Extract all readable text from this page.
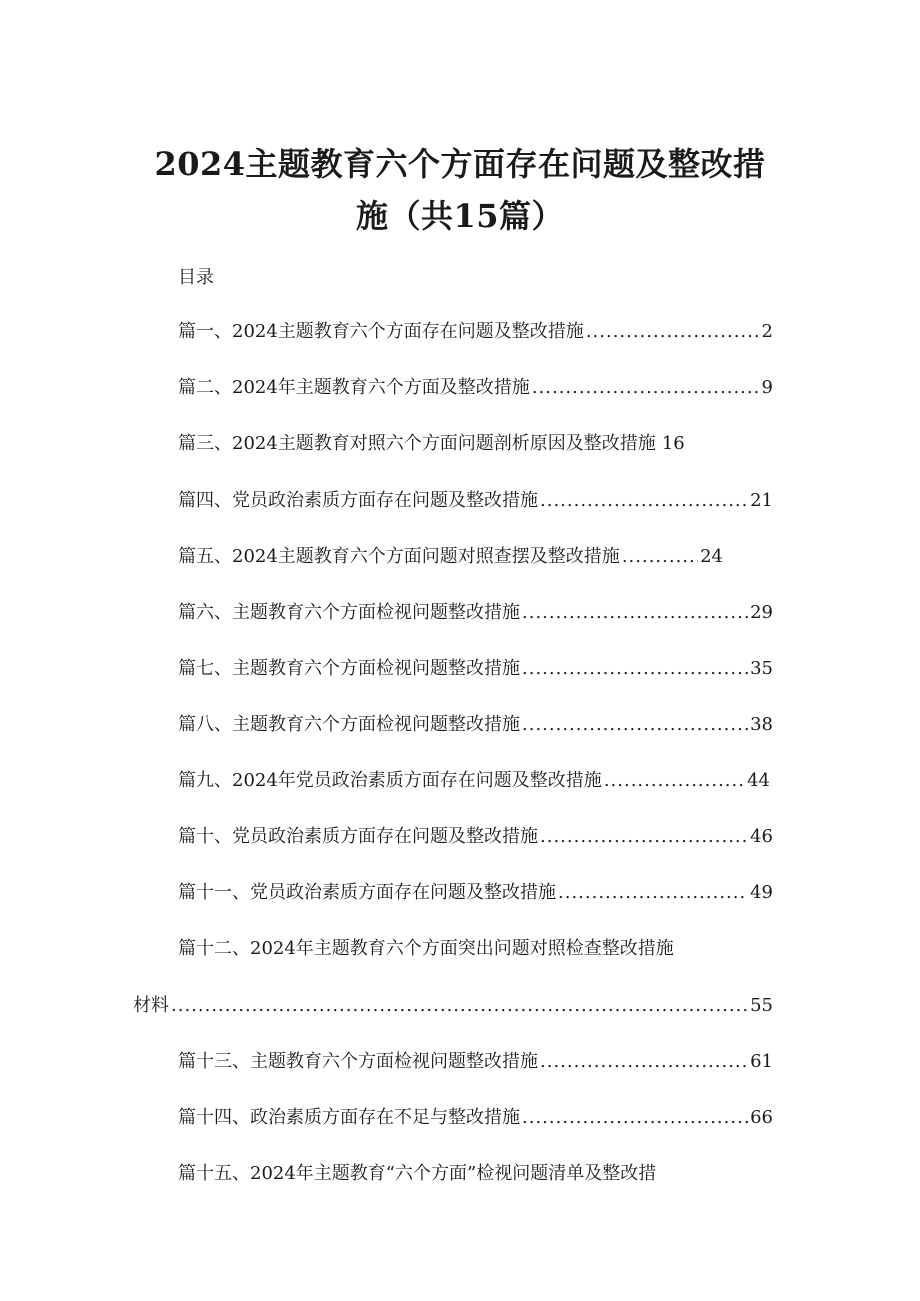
2024主题教育六个方面存在问题及整改措
施（共15篇）
目录
篇一、2024主题教育六个方面存在问题及整改措施 .....	2
篇二、2024年主题教育六个方面及整改措施 .....	9
篇三、2024主题教育对照六个方面问题剖析原因及整改措施 16
篇四、党员政治素质方面存在问题及整改措施 .....	21
篇五、2024主题教育六个方面问题对照查摆及整改措施 .....	24
篇六、主题教育六个方面检视问题整改措施 .....	29
篇七、主题教育六个方面检视问题整改措施 .....	35
篇八、主题教育六个方面检视问题整改措施 .....	38
篇九、2024年党员政治素质方面存在问题及整改措施 .....	44
篇十、党员政治素质方面存在问题及整改措施 .....	46
篇十一、党员政治素质方面存在问题及整改措施 .....	49
篇十二、2024年主题教育六个方面突出问题对照检查整改措施
材料 .....	55
篇十三、主题教育六个方面检视问题整改措施 .....	61
篇十四、政治素质方面存在不足与整改措施 .....	66
篇十五、2024年主题教育“六个方面”检视问题清单及整改措
